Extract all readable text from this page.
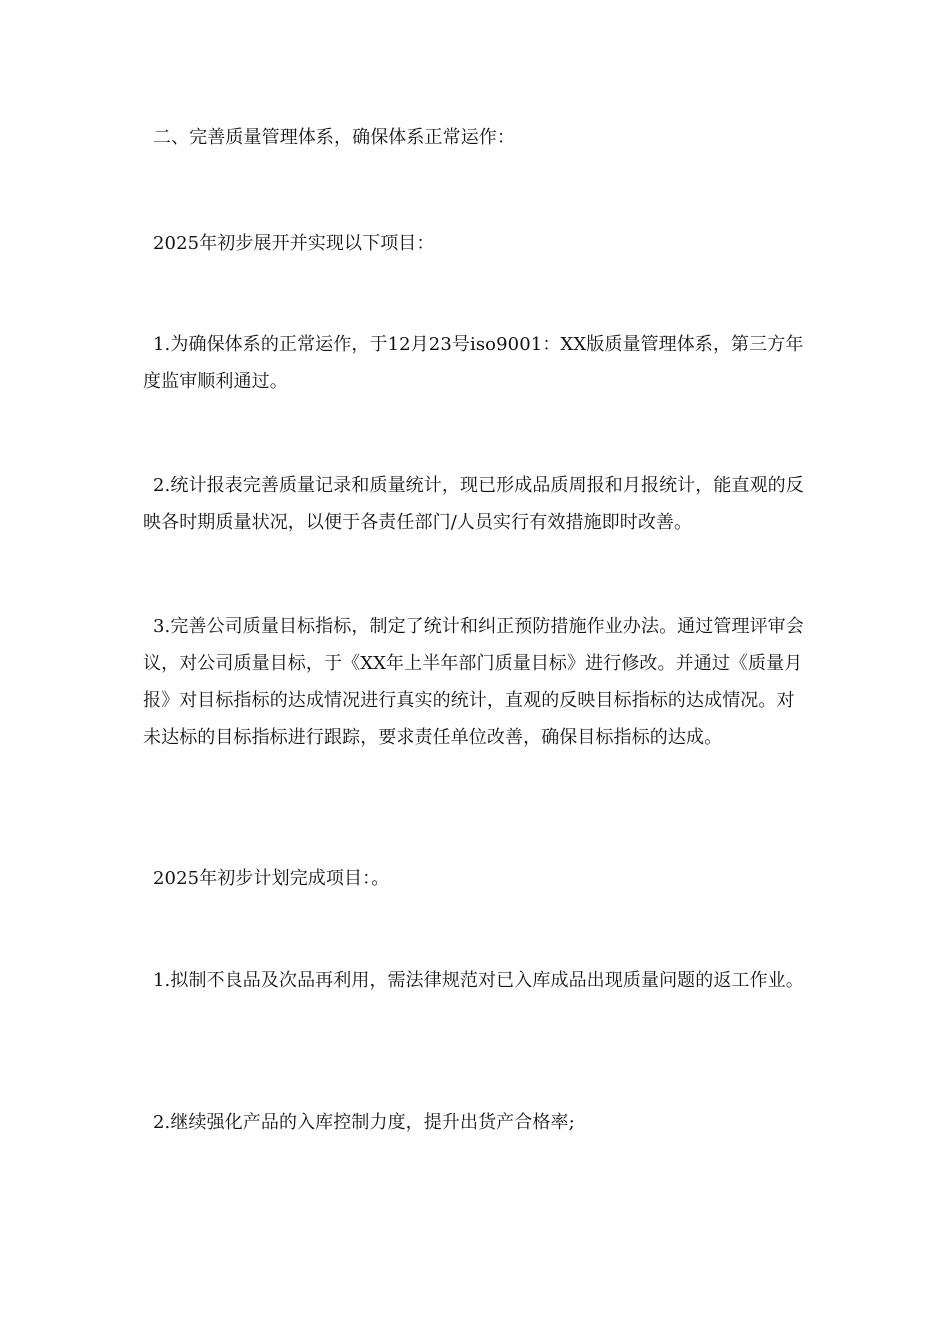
二、完善质量管理体系，确保体系正常运作：

2025年初步展开并实现以下项目：

1.为确保体系的正常运作，于12月23号iso9001：XX版质量管理体系，第三方年度监审顺利通过。

2.统计报表完善质量记录和质量统计，现已形成品质周报和月报统计，能直观的反映各时期质量状况，以便于各责任部门/人员实行有效措施即时改善。

3.完善公司质量目标指标，制定了统计和纠正预防措施作业办法。通过管理评审会议，对公司质量目标，于《XX年上半年部门质量目标》进行修改。并通过《质量月报》对目标指标的达成情况进行真实的统计，直观的反映目标指标的达成情况。对未达标的目标指标进行跟踪，要求责任单位改善，确保目标指标的达成。

2025年初步计划完成项目：。

1.拟制不良品及次品再利用，需法律规范对已入库成品出现质量问题的返工作业。

2.继续强化产品的入库控制力度，提升出货产合格率;
